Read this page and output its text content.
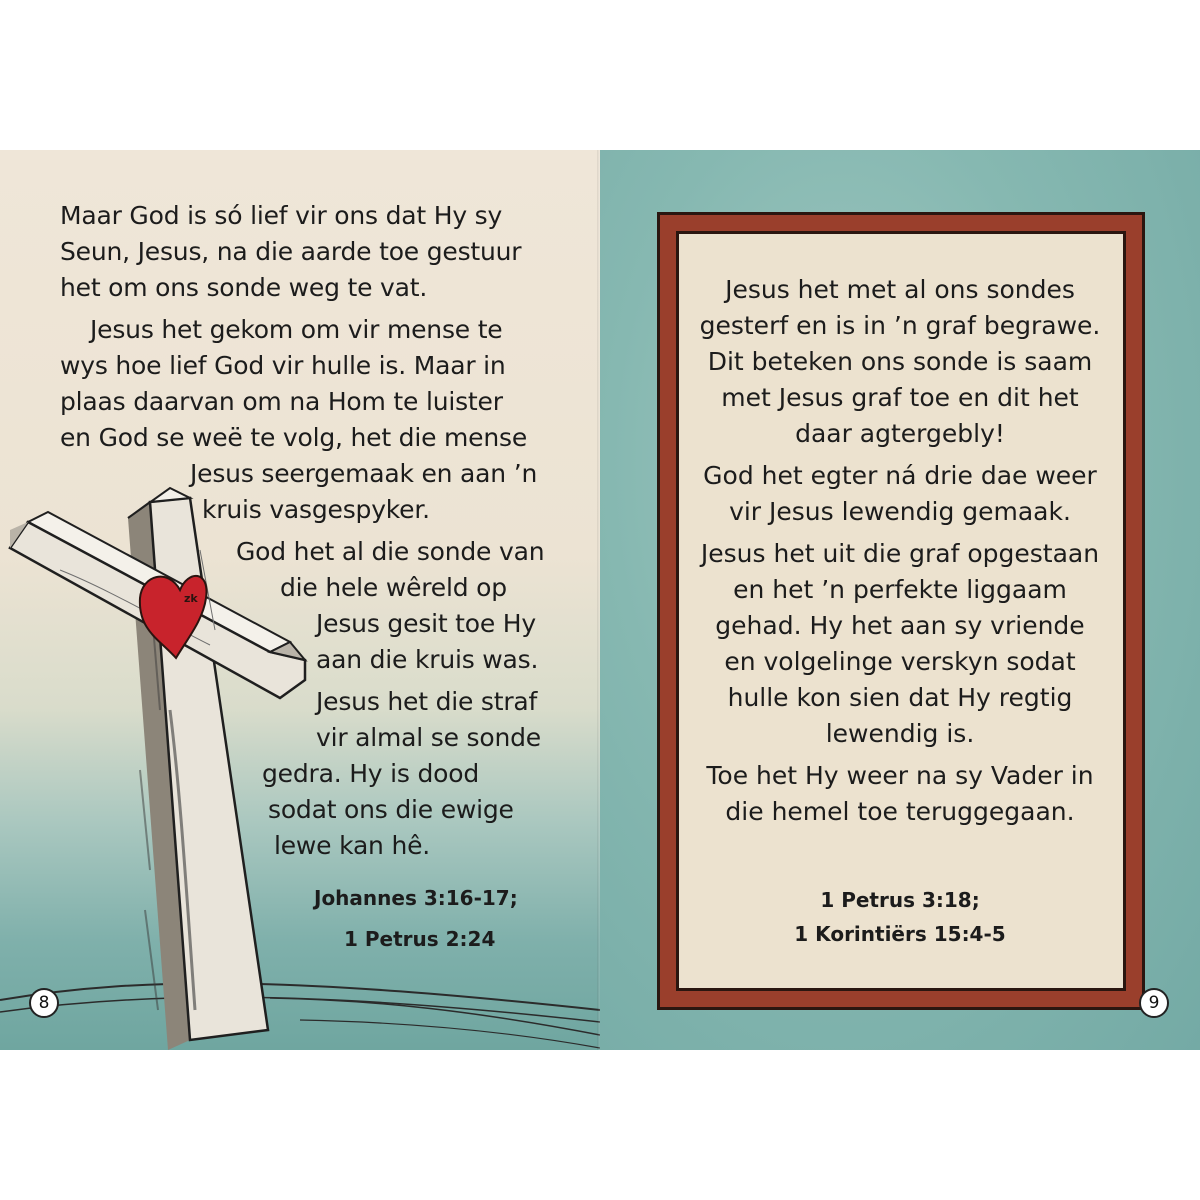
zk
Maar God is só lief vir ons dat Hy sy
Seun, Jesus, na die aarde toe gestuur
het om ons sonde weg te vat.
Jesus het gekom om vir mense te
wys hoe lief God vir hulle is. Maar in
plaas daarvan om na Hom te luister
en God se weë te volg, het die mense
Jesus seergemaak en aan ’n
kruis vasgespyker.
God het al die sonde van
die hele wêreld op
Jesus gesit toe Hy
aan die kruis was.
Jesus het die straf
vir almal se sonde
gedra. Hy is dood
sodat ons die ewige
lewe kan hê.
Johannes 3:16-17;
1 Petrus 2:24
8
Jesus het met al ons sondes
gesterf en is in ’n graf begrawe.
Dit beteken ons sonde is saam
met Jesus graf toe en dit het
daar agtergebly!
God het egter ná drie dae weer
vir Jesus lewendig gemaak.
Jesus het uit die graf opgestaan
en het ’n perfekte liggaam
gehad. Hy het aan sy vriende
en volgelinge verskyn sodat
hulle kon sien dat Hy regtig
lewendig is.
Toe het Hy weer na sy Vader in
die hemel toe teruggegaan.
1 Petrus 3:18;
1 Korintiërs 15:4-5
9
